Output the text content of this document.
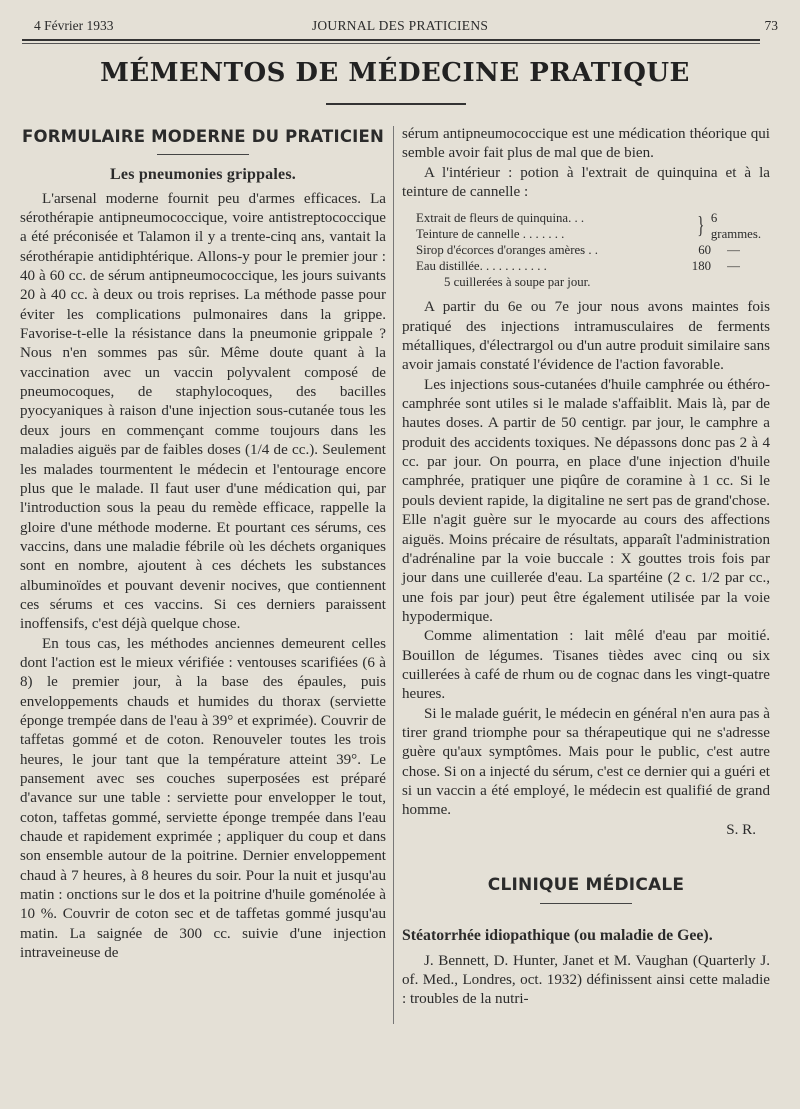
4 Février 1933	JOURNAL DES PRATICIENS	73
MÉMENTOS DE MÉDECINE PRATIQUE
FORMULAIRE MODERNE DU PRATICIEN
Les pneumonies grippales.

L'arsenal moderne fournit peu d'armes efficaces. La sérothérapie antipneumococcique, voire antistreptococcique a été préconisée et Talamon il y a trente-cinq ans, vantait la sérothérapie antidiphtérique. Allons-y pour le premier jour : 40 à 60 cc. de sérum antipneumococcique, les jours suivants 20 à 40 cc. à deux ou trois reprises. La méthode passe pour éviter les complications pulmonaires dans la grippe. Favorise-t-elle la résistance dans la pneumonie grippale ? Nous n'en sommes pas sûr. Même doute quant à la vaccination avec un vaccin polyvalent composé de pneumocoques, de staphylocoques, des bacilles pyocyaniques à raison d'une injection sous-cutanée tous les deux jours en commençant comme toujours dans les maladies aiguës par de faibles doses (1/4 de cc.). Seulement les malades tourmentent le médecin et l'entourage encore plus que le malade. Il faut user d'une médication qui, par l'introduction sous la peau du remède efficace, rappelle la gloire d'une méthode moderne. Et pourtant ces sérums, ces vaccins, dans une maladie fébrile où les déchets organiques sont en nombre, ajoutent à ces déchets les substances albuminoïdes et pouvant devenir nocives, que contiennent ces sérums et ces vaccins. Si ces derniers paraissent inoffensifs, c'est déjà quelque chose.

En tous cas, les méthodes anciennes demeurent celles dont l'action est le mieux vérifiée : ventouses scarifiées (6 à 8) le premier jour, à la base des épaules, puis enveloppements chauds et humides du thorax (serviette éponge trempée dans de l'eau à 39° et exprimée). Couvrir de taffetas gommé et de coton. Renouveler toutes les trois heures, le jour tant que la température atteint 39°. Le pansement avec ses couches superposées est préparé d'avance sur une table : serviette pour envelopper le tout, coton, taffetas gommé, serviette éponge trempée dans l'eau chaude et rapidement exprimée ; appliquer du coup et dans son ensemble autour de la poitrine. Dernier enveloppement chaud à 7 heures, à 8 heures du soir. Pour la nuit et jusqu'au matin : onctions sur le dos et la poitrine d'huile goménolée à 10 %. Couvrir de coton sec et de taffetas gommé jusqu'au matin. La saignée de 300 cc. suivie d'une injection intraveineuse de

sérum antipneumococcique est une médication théorique qui semble avoir fait plus de mal que de bien.

A l'intérieur : potion à l'extrait de quinquina et à la teinture de cannelle :

Extrait de fleurs de quinquina. . .
Teinture de cannelle . . . . . . .	} 6 grammes.
Sirop d'écorces d'oranges amères . .	60	—
Eau distillée. . . . . . . . . . .	180	—
5 cuillerées à soupe par jour.

A partir du 6e ou 7e jour nous avons maintes fois pratiqué des injections intramusculaires de ferments métalliques, d'électrargol ou d'un autre produit similaire sans avoir jamais constaté l'évidence de l'action favorable.

Les injections sous-cutanées d'huile camphrée ou éthéro-camphrée sont utiles si le malade s'affaiblit. Mais là, par de hautes doses. A partir de 50 centigr. par jour, le camphre a produit des accidents toxiques. Ne dépassons donc pas 2 à 4 cc. par jour. On pourra, en place d'une injection d'huile camphrée, pratiquer une piqûre de coramine à 1 cc. Si le pouls devient rapide, la digitaline ne sert pas de grand'chose. Elle n'agit guère sur le myocarde au cours des affections aiguës. Moins précaire de résultats, apparaît l'administration d'adrénaline par la voie buccale : X gouttes trois fois par jour dans une cuillerée d'eau. La spartéine (2 c. 1/2 par cc., une fois par jour) peut être également utilisée par la voie hypodermique.

Comme alimentation : lait mêlé d'eau par moitié. Bouillon de légumes. Tisanes tièdes avec cinq ou six cuillerées à café de rhum ou de cognac dans les vingt-quatre heures.

Si le malade guérit, le médecin en général n'en aura pas à tirer grand triomphe pour sa thérapeutique qui ne s'adresse guère qu'aux symptômes. Mais pour le public, c'est autre chose. Si on a injecté du sérum, c'est ce dernier qui a guéri et si un vaccin a été employé, le médecin est qualifié de grand homme.

S. R.
CLINIQUE MÉDICALE
Stéatorrhée idiopathique (ou maladie de Gee).

J. Bennett, D. Hunter, Janet et M. Vaughan (Quarterly J. of. Med., Londres, oct. 1932) définissent ainsi cette maladie : troubles de la nutri-
